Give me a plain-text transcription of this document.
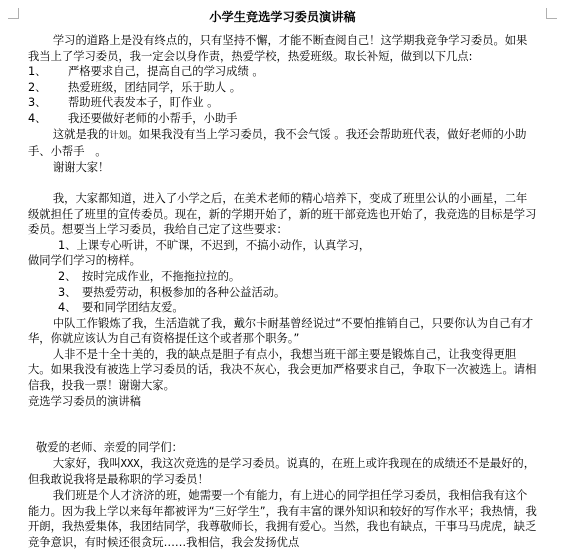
小学生竞选学习委员演讲稿

学习的道路上是没有终点的，只有坚持不懈，才能不断查阅自己！这学期我竞争学习委员。如果我当上了学习委员，我一定会以身作责，热爱学校，热爱班级。取长补短，做到以下几点:

1、	严格要求自己，提高自己的学习成绩 。
2、	热爱班级，团结同学，乐于助人 。
3、	帮助班代表发本子，盯作业 。
4、	我还要做好老师的小帮手，小助手

这就是我的计划。如果我没有当上学习委员，我不会气馁 。我还会帮助班代表，做好老师的小助手、小帮手 。

谢谢大家！

我，大家都知道，进入了小学之后，在美术老师的精心培养下，变成了班里公认的小画星，二年级就担任了班里的宣传委员。现在，新的学期开始了，新的班干部竞选也开始了，我竞选的目标是学习委员。想要当上学习委员，我给自己定了这些要求：

1、上课专心听讲，不旷课，不迟到，不搞小动作，认真学习，

做同学们学习的榜样。

2、 按时完成作业，不拖拖拉拉的。
3、 要热爱劳动，积极参加的各种公益活动。
4、 要和同学团结友爱。

中队工作锻炼了我，生活造就了我，戴尔卡耐基曾经说过“不要怕推销自己，只要你认为自己有才华，你就应该认为自己有资格提任这个或者那个职务。”

人非不是十全十美的，我的缺点是胆子有点小，我想当班干部主要是锻炼自己，让我变得更胆大。如果我没有被选上学习委员的话，我决不灰心，我会更加严格要求自己，争取下一次被选上。请相信我，投我一票！谢谢大家。

竞选学习委员的演讲稿

敬爱的老师、亲爱的同学们：

大家好，我叫XXX，我这次竞选的是学习委员。说真的，在班上或许我现在的成绩还不是最好的，但我敢说我将是最称职的学习委员！

我们班是个人才济济的班，她需要一个有能力，有上进心的同学担任学习委员，我相信我有这个能力。因为我上学以来每年都被评为“三好学生”，我有丰富的课外知识和较好的写作水平；我热情，我开朗，我热爱集体，我团结同学，我尊敬师长，我拥有爱心。当然，我也有缺点，干事马马虎虎，缺乏竞争意识，有时候还很贪玩……我相信，我会发扬优点
